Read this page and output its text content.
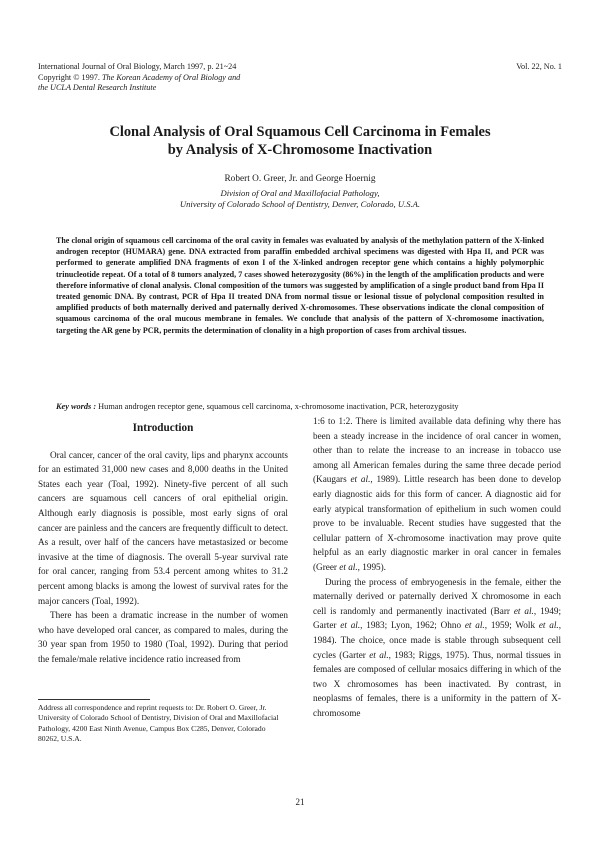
International Journal of Oral Biology, March 1997, p. 21~24
Copyright © 1997. The Korean Academy of Oral Biology and
the UCLA Dental Research Institute
Vol. 22, No. 1
Clonal Analysis of Oral Squamous Cell Carcinoma in Females
by Analysis of X-Chromosome Inactivation
Robert O. Greer, Jr. and George Hoernig
Division of Oral and Maxillofacial Pathology,
University of Colorado School of Dentistry, Denver, Colorado, U.S.A.
The clonal origin of squamous cell carcinoma of the oral cavity in females was evaluated by analysis of the methylation pattern of the X-linked androgen receptor (HUMARA) gene. DNA extracted from paraffin embedded archival specimens was digested with Hpa II, and PCR was performed to generate amplified DNA fragments of exon I of the X-linked androgen receptor gene which contains a highly polymorphic trinucleotide repeat. Of a total of 8 tumors analyzed, 7 cases showed heterozygosity (86%) in the length of the amplification products and were therefore informative of clonal analysis. Clonal composition of the tumors was suggested by amplification of a single product band from Hpa II treated genomic DNA. By contrast, PCR of Hpa II treated DNA from normal tissue or lesional tissue of polyclonal composition resulted in amplified products of both maternally derived and paternally derived X-chromosomes. These observations indicate the clonal composition of squamous carcinoma of the oral mucous membrane in females. We conclude that analysis of the pattern of X-chromosome inactivation, targeting the AR gene by PCR, permits the determination of clonality in a high proportion of cases from archival tissues.
Key words : Human androgen receptor gene, squamous cell carcinoma, x-chromosome inactivation, PCR, heterozygosity
Introduction

Oral cancer, cancer of the oral cavity, lips and pharynx accounts for an estimated 31,000 new cases and 8,000 deaths in the United States each year (Toal, 1992). Ninety-five percent of all such cancers are squamous cell cancers of oral epithelial origin. Although early diagnosis is possible, most early signs of oral cancer are painless and the cancers are frequently difficult to detect. As a result, over half of the cancers have metastasized or become invasive at the time of diagnosis. The overall 5-year survival rate for oral cancer, ranging from 53.4 percent among whites to 31.2 percent among blacks is among the lowest of survival rates for the major cancers (Toal, 1992).

There has been a dramatic increase in the number of women who have developed oral cancer, as compared to males, during the 30 year span from 1950 to 1980 (Toal, 1992). During that period the female/male relative incidence ratio increased from

1:6 to 1:2. There is limited available data defining why there has been a steady increase in the incidence of oral cancer in women, other than to relate the increase to an increase in tobacco use among all American females during the same three decade period (Kaugars et al., 1989). Little research has been done to develop early diagnostic aids for this form of cancer. A diagnostic aid for early atypical transformation of epithelium in such women could prove to be invaluable. Recent studies have suggested that the cellular pattern of X-chromosome inactivation may prove quite helpful as an early diagnostic marker in oral cancer in females (Greer et al., 1995).

During the process of embryogenesis in the female, either the maternally derived or paternally derived X chromosome in each cell is randomly and permanently inactivated (Barr et al., 1949; Garter et al., 1983; Lyon, 1962; Ohno et al., 1959; Wolk et al., 1984). The choice, once made is stable through subsequent cell cycles (Garter et al., 1983; Riggs, 1975). Thus, normal tissues in females are composed of cellular mosaics differing in which of the two X chromosomes has been inactivated. By contrast, in neoplasms of females, there is a uniformity in the pattern of X-chromosome

Address all correspondence and reprint requests to: Dr. Robert O. Greer, Jr. University of Colorado School of Dentistry, Division of Oral and Maxillofacial Pathology, 4200 East Ninth Avenue, Campus Box C285, Denver, Colorado 80262, U.S.A.
21
